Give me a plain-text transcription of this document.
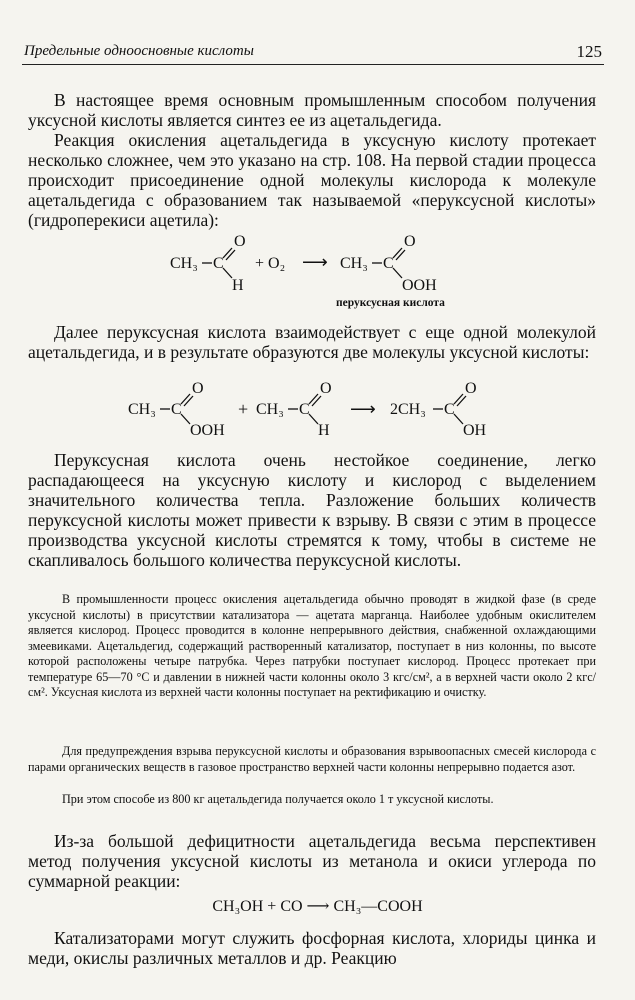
Предельные одноосновные кислоты	125

В настоящее время основным промышленным способом получения уксусной кислоты является синтез ее из ацетальдегида.

Реакция окисления ацетальдегида в уксусную кислоту протекает несколько сложнее, чем это указано на стр. 108. На первой стадии процесса происходит присоединение одной молекулы кислорода к молекуле ацетальдегида с образованием так называемой «перуксусной кислоты» (гидроперекиси ацетила):

CH₃ C
O
H
+ O₂ ⟶ CH₃ C
O
OOH
перуксусная кислота

Далее перуксусная кислота взаимодействует с еще одной молекулой ацетальдегида, и в результате образуются две молекулы уксусной кислоты:

CH₃ C
O
OOH
+ CH₃ C
O
H
⟶ 2CH₃ C
O
OH

Перуксусная кислота очень нестойкое соединение, легко распадающееся на уксусную кислоту и кислород с выделением значительного количества тепла. Разложение больших количеств перуксусной кислоты может привести к взрыву. В связи с этим в процессе производства уксусной кислоты стремятся к тому, чтобы в системе не скапливалось большого количества перуксусной кислоты.

В промышленности процесс окисления ацетальдегида обычно проводят в жидкой фазе (в среде уксусной кислоты) в присутствии катализатора — ацетата марганца. Наиболее удобным окислителем является кислород. Процесс проводится в колонне непрерывного действия, снабженной охлаждающими змеевиками. Ацетальдегид, содержащий растворенный катализатор, поступает в низ колонны, по высоте которой расположены четыре патрубка. Через патрубки поступает кислород. Процесс протекает при температуре 65—70 °С и давлении в нижней части колонны около 3 кгс/см², а в верхней части около 2 кгс/см². Уксусная кислота из верхней части колонны поступает на ректификацию и очистку.

Для предупреждения взрыва перуксусной кислоты и образования взрывоопасных смесей кислорода с парами органических веществ в газовое пространство верхней части колонны непрерывно подается азот.

При этом способе из 800 кг ацетальдегида получается около 1 т уксусной кислоты.

Из-за большой дефицитности ацетальдегида весьма перспективен метод получения уксусной кислоты из метанола и окиси углерода по суммарной реакции:

CH₃OH + CO ⟶ CH₃—COOH

Катализаторами могут служить фосфорная кислота, хлориды цинка и меди, окислы различных металлов и др. Реакцию
